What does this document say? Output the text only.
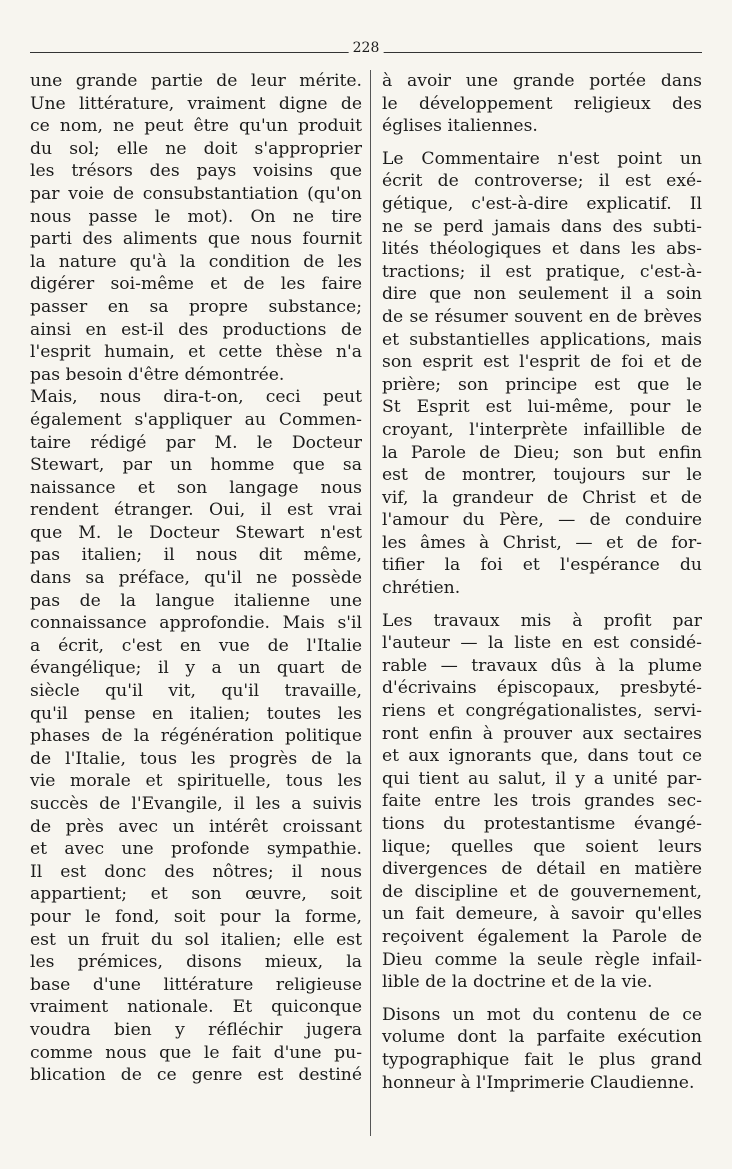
228
une grande partie de leur mérite.
Une littérature, vraiment digne de
ce nom, ne peut être qu'un produit
du sol; elle ne doit s'approprier
les trésors des pays voisins que
par voie de consubstantiation (qu'on
nous passe le mot). On ne tire
parti des aliments que nous fournit
la nature qu'à la condition de les
digérer soi-même et de les faire
passer en sa propre substance;
ainsi en est-il des productions de
l'esprit humain, et cette thèse n'a
pas besoin d'être démontrée.
Mais, nous dira-t-on, ceci peut
également s'appliquer au Commen-
taire rédigé par M. le Docteur
Stewart, par un homme que sa
naissance et son langage nous
rendent étranger. Oui, il est vrai
que M. le Docteur Stewart n'est
pas italien; il nous dit même,
dans sa préface, qu'il ne possède
pas de la langue italienne une
connaissance approfondie. Mais s'il
a écrit, c'est en vue de l'Italie
évangélique; il y a un quart de
siècle qu'il vit, qu'il travaille,
qu'il pense en italien; toutes les
phases de la régénération politique
de l'Italie, tous les progrès de la
vie morale et spirituelle, tous les
succès de l'Evangile, il les a suivis
de près avec un intérêt croissant
et avec une profonde sympathie.
Il est donc des nôtres; il nous
appartient; et son œuvre, soit
pour le fond, soit pour la forme,
est un fruit du sol italien; elle est
les prémices, disons mieux, la
base d'une littérature religieuse
vraiment nationale. Et quiconque
voudra bien y réfléchir jugera
comme nous que le fait d'une pu-
blication de ce genre est destiné
à avoir une grande portée dans
le développement religieux des
églises italiennes.
Le Commentaire n'est point un
écrit de controverse; il est exé-
gétique, c'est-à-dire explicatif. Il
ne se perd jamais dans des subti-
lités théologiques et dans les abs-
tractions; il est pratique, c'est-à-
dire que non seulement il a soin
de se résumer souvent en de brèves
et substantielles applications, mais
son esprit est l'esprit de foi et de
prière; son principe est que le
St Esprit est lui-même, pour le
croyant, l'interprète infaillible de
la Parole de Dieu; son but enfin
est de montrer, toujours sur le
vif, la grandeur de Christ et de
l'amour du Père, — de conduire
les âmes à Christ, — et de for-
tifier la foi et l'espérance du
chrétien.
Les travaux mis à profit par
l'auteur — la liste en est considé-
rable — travaux dûs à la plume
d'écrivains épiscopaux, presbyté-
riens et congrégationalistes, servi-
ront enfin à prouver aux sectaires
et aux ignorants que, dans tout ce
qui tient au salut, il y a unité par-
faite entre les trois grandes sec-
tions du protestantisme évangé-
lique; quelles que soient leurs
divergences de détail en matière
de discipline et de gouvernement,
un fait demeure, à savoir qu'elles
reçoivent également la Parole de
Dieu comme la seule règle infail-
lible de la doctrine et de la vie.
Disons un mot du contenu de ce
volume dont la parfaite exécution
typographique fait le plus grand
honneur à l'Imprimerie Claudienne.
